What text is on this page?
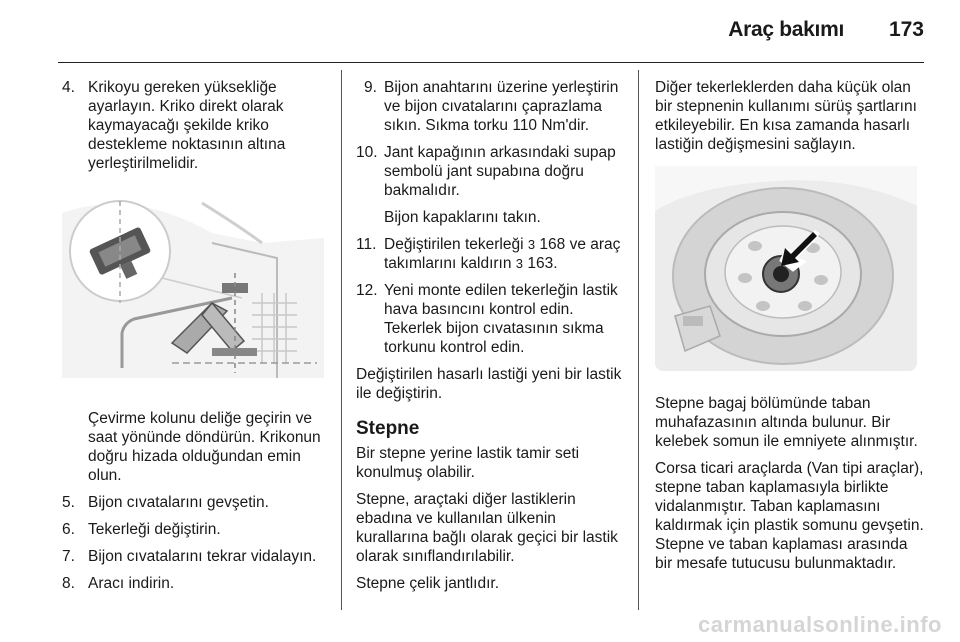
Araç bakımı 173
4. Krikoyu gereken yüksekliğe ayarlayın. Kriko direkt olarak kaymayacağı şekilde kriko destekleme noktasının altına yerleştirilmelidir.
Çevirme kolunu deliğe geçirin ve saat yönünde döndürün. Krikonun doğru hizada olduğundan emin olun.
5. Bijon cıvatalarını gevşetin.
6. Tekerleği değiştirin.
7. Bijon cıvatalarını tekrar vidalayın.
8. Aracı indirin.
9. Bijon anahtarını üzerine yerleştirin ve bijon cıvatalarını çaprazlama sıkın. Sıkma torku 110 Nm'dir.
10. Jant kapağının arkasındaki supap sembolü jant supabına doğru bakmalıdır.
Bijon kapaklarını takın.
11. Değiştirilen tekerleği 3 168 ve araç takımlarını kaldırın 3 163.
12. Yeni monte edilen tekerleğin lastik hava basıncını kontrol edin. Tekerlek bijon cıvatasının sıkma torkunu kontrol edin.
Değiştirilen hasarlı lastiği yeni bir lastik ile değiştirin.
Stepne
Bir stepne yerine lastik tamir seti konulmuş olabilir.
Stepne, araçtaki diğer lastiklerin ebadına ve kullanılan ülkenin kurallarına bağlı olarak geçici bir lastik olarak sınıflandırılabilir.
Stepne çelik jantlıdır.
Diğer tekerleklerden daha küçük olan bir stepnenin kullanımı sürüş şartlarını etkileyebilir. En kısa zamanda hasarlı lastiğin değişmesini sağlayın.
Stepne bagaj bölümünde taban muhafazasının altında bulunur. Bir kelebek somun ile emniyete alınmıştır.
Corsa ticari araçlarda (Van tipi araçlar), stepne taban kaplamasıyla birlikte vidalanmıştır. Taban kaplamasını kaldırmak için plastik somunu gevşetin. Stepne ve taban kaplaması arasında bir mesafe tutucusu bulunmaktadır.
carmanualsonline.info
